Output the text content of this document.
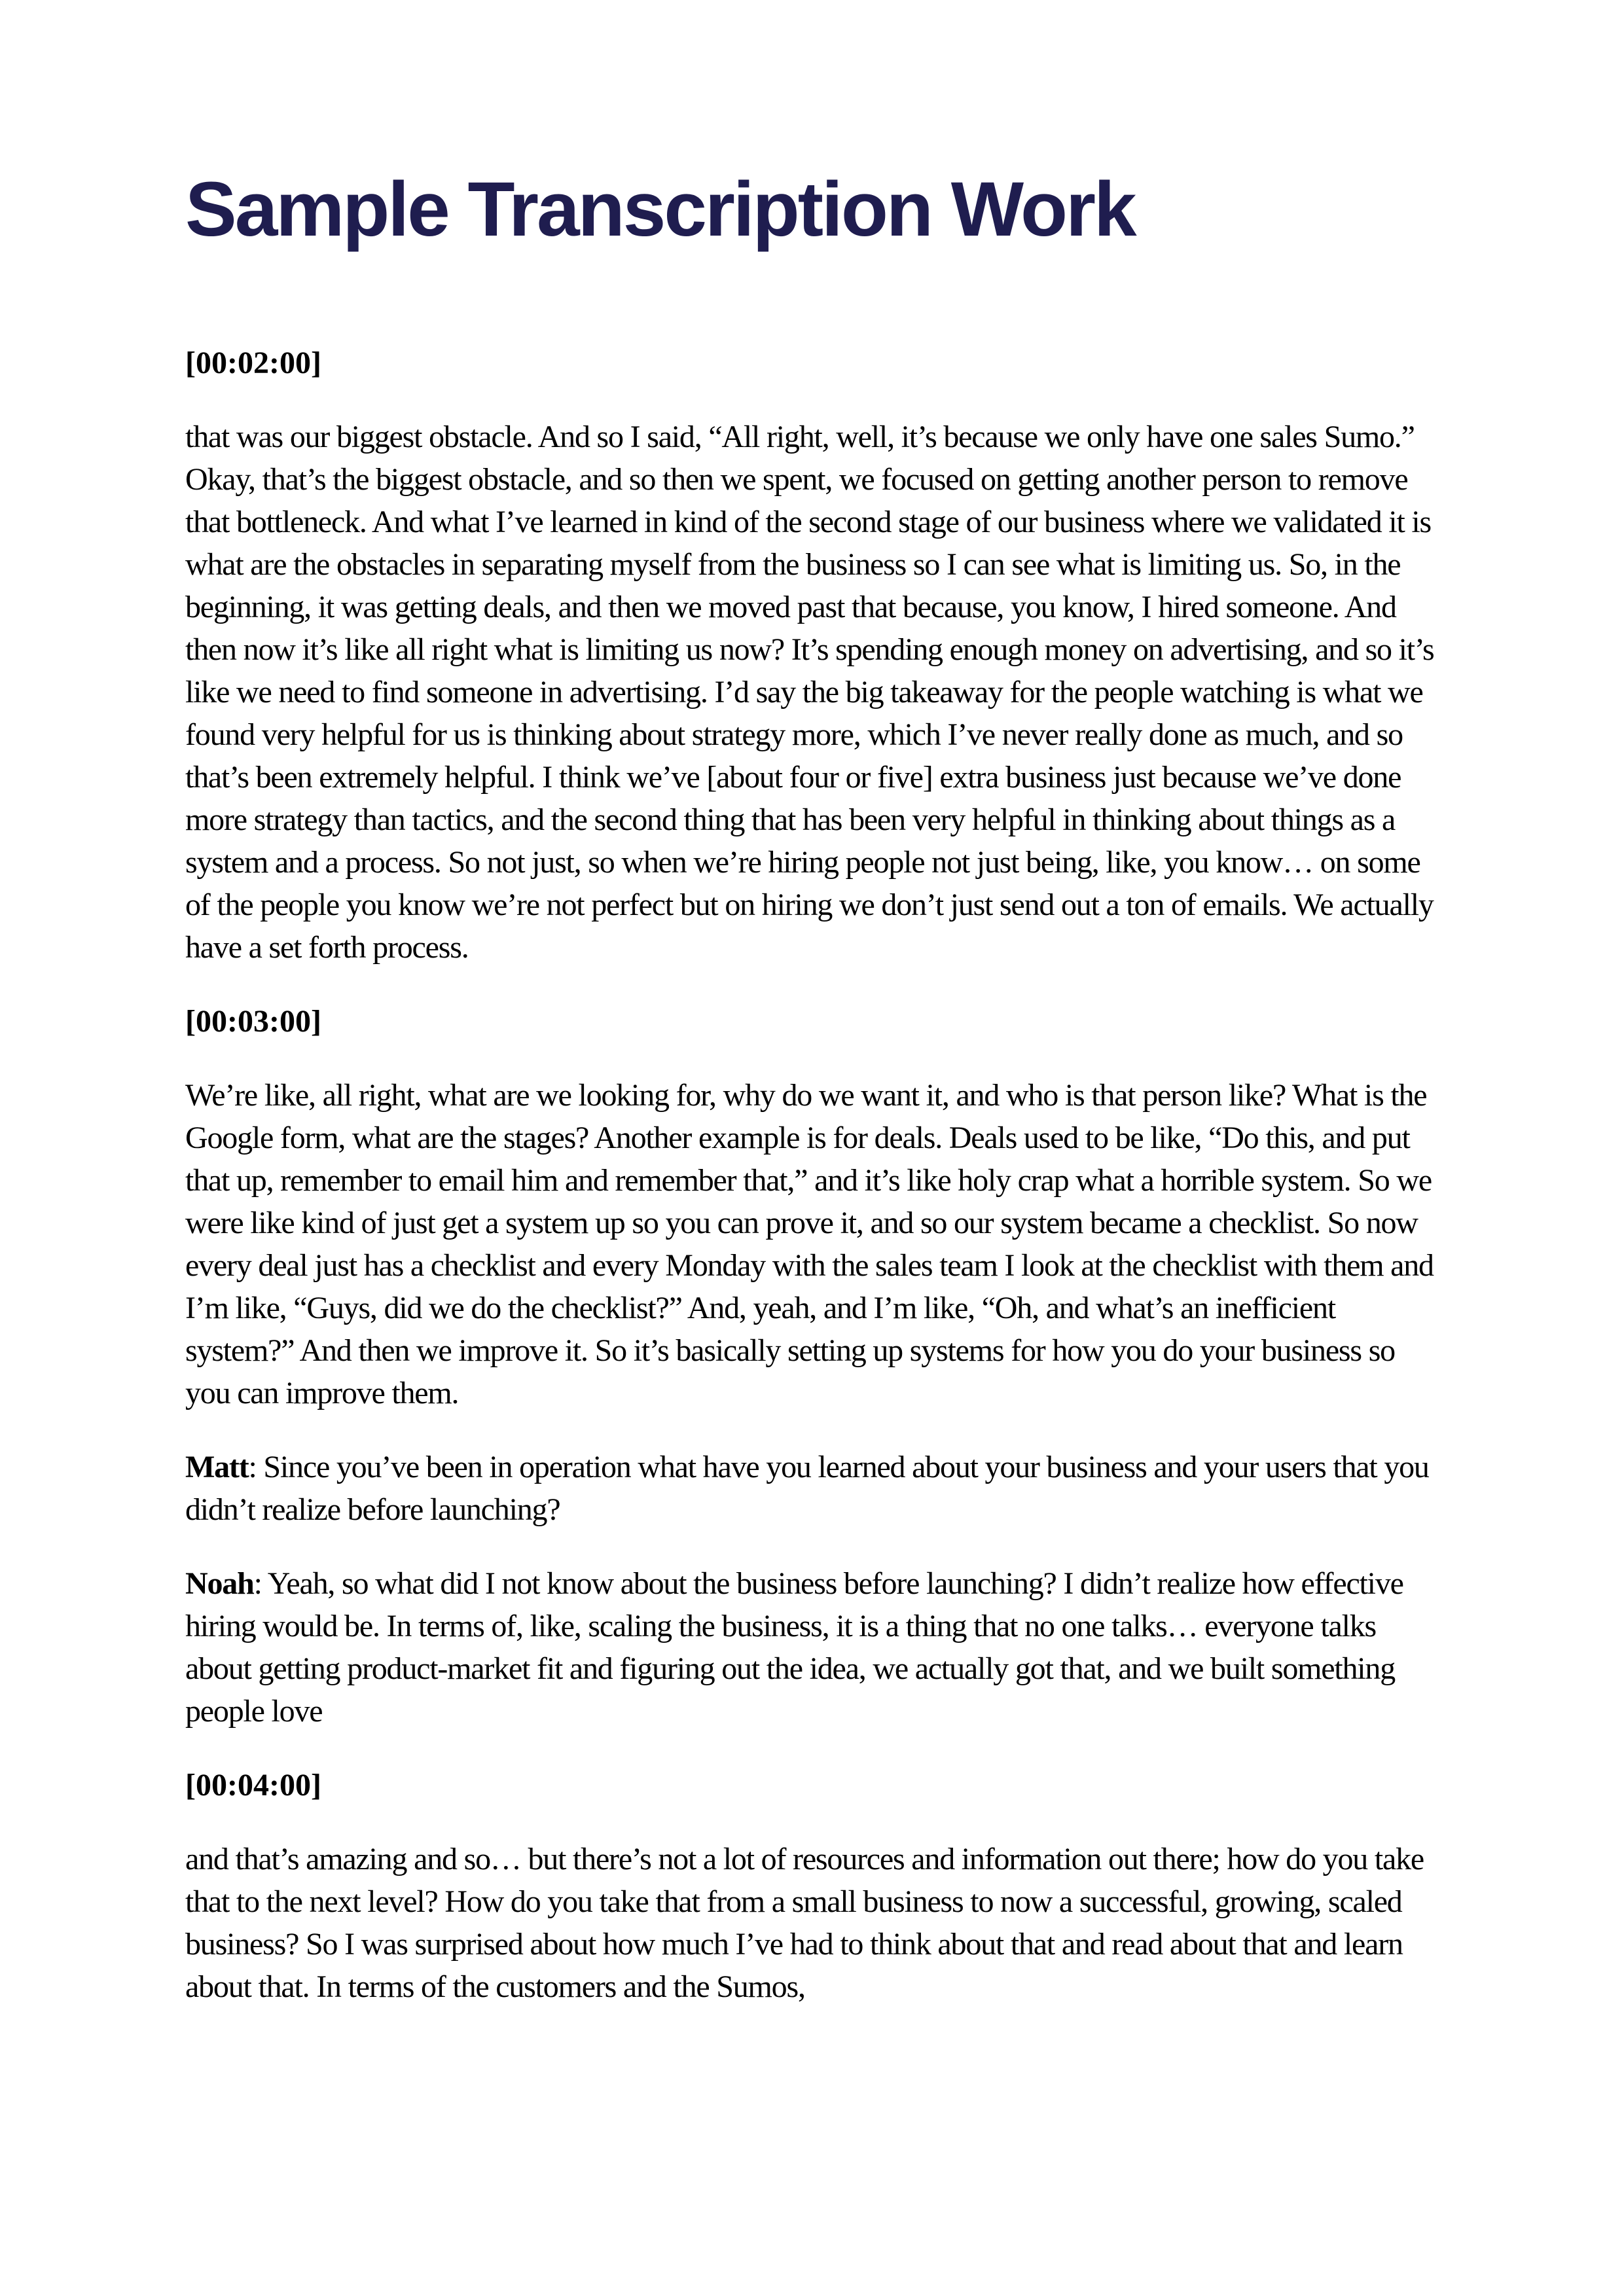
Sample Transcription Work

[00:02:00]

that was our biggest obstacle. And so I said, “All right, well, it’s because we only have one sales Sumo.” Okay, that’s the biggest obstacle, and so then we spent, we focused on getting another person to remove that bottleneck. And what I’ve learned in kind of the second stage of our business where we validated it is what are the obstacles in separating myself from the business so I can see what is limiting us. So, in the beginning, it was getting deals, and then we moved past that because, you know, I hired someone. And then now it’s like all right what is limiting us now? It’s spending enough money on advertising, and so it’s like we need to find someone in advertising. I’d say the big takeaway for the people watching is what we found very helpful for us is thinking about strategy more, which I’ve never really done as much, and so that’s been extremely helpful. I think we’ve [about four or five] extra business just because we’ve done more strategy than tactics, and the second thing that has been very helpful in thinking about things as a system and a process. So not just, so when we’re hiring people not just being, like, you know… on some of the people you know we’re not perfect but on hiring we don’t just send out a ton of emails. We actually have a set forth process.

[00:03:00]

We’re like, all right, what are we looking for, why do we want it, and who is that person like? What is the Google form, what are the stages? Another example is for deals. Deals used to be like, “Do this, and put that up, remember to email him and remember that,” and it’s like holy crap what a horrible system. So we were like kind of just get a system up so you can prove it, and so our system became a checklist. So now every deal just has a checklist and every Monday with the sales team I look at the checklist with them and I’m like, “Guys, did we do the checklist?” And, yeah, and I’m like, “Oh, and what’s an inefficient system?” And then we improve it. So it’s basically setting up systems for how you do your business so you can improve them.

Matt: Since you’ve been in operation what have you learned about your business and your users that you didn’t realize before launching?

Noah: Yeah, so what did I not know about the business before launching? I didn’t realize how effective hiring would be. In terms of, like, scaling the business, it is a thing that no one talks… everyone talks about getting product-market fit and figuring out the idea, we actually got that, and we built something people love

[00:04:00]

and that’s amazing and so… but there’s not a lot of resources and information out there; how do you take that to the next level? How do you take that from a small business to now a successful, growing, scaled business? So I was surprised about how much I’ve had to think about that and read about that and learn about that. In terms of the customers and the Sumos,
